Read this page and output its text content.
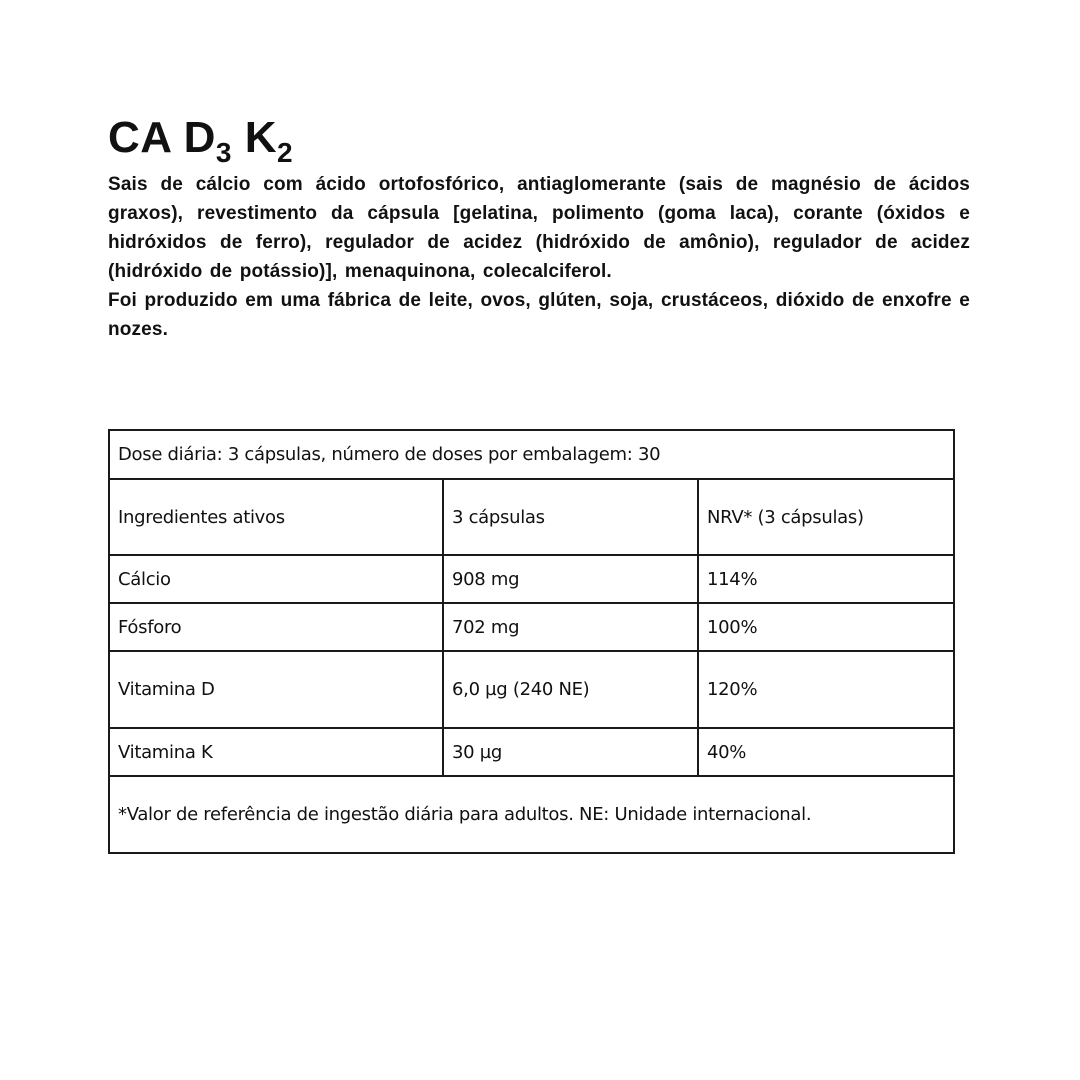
CA $D_3$ $K_2$

Sais de cálcio com ácido ortofosfórico, antiaglomerante (sais de magnésio de ácidos graxos), revestimento da cápsula [gelatina, polimento (goma laca), corante (óxidos e hidróxidos de ferro), regulador de acidez (hidróxido de amônio), regulador de acidez (hidróxido de potássio)], menaquinona, colecalciferol.

Foi produzido em uma fábrica de leite, ovos, glúten, soja, crustáceos, dióxido de enxofre e nozes.

Dose diária: 3 cápsulas, número de doses por embalagem: 30		
Ingredientes ativos	3 cápsulas	NRV* (3 cápsulas)
Cálcio	908 mg	114%
Fósforo	702 mg	100%
Vitamina D	6,0 µg (240 NE)	120%
Vitamina K	30 µg	40%
*Valor de referência de ingestão diária para adultos. NE: Unidade internacional.		
